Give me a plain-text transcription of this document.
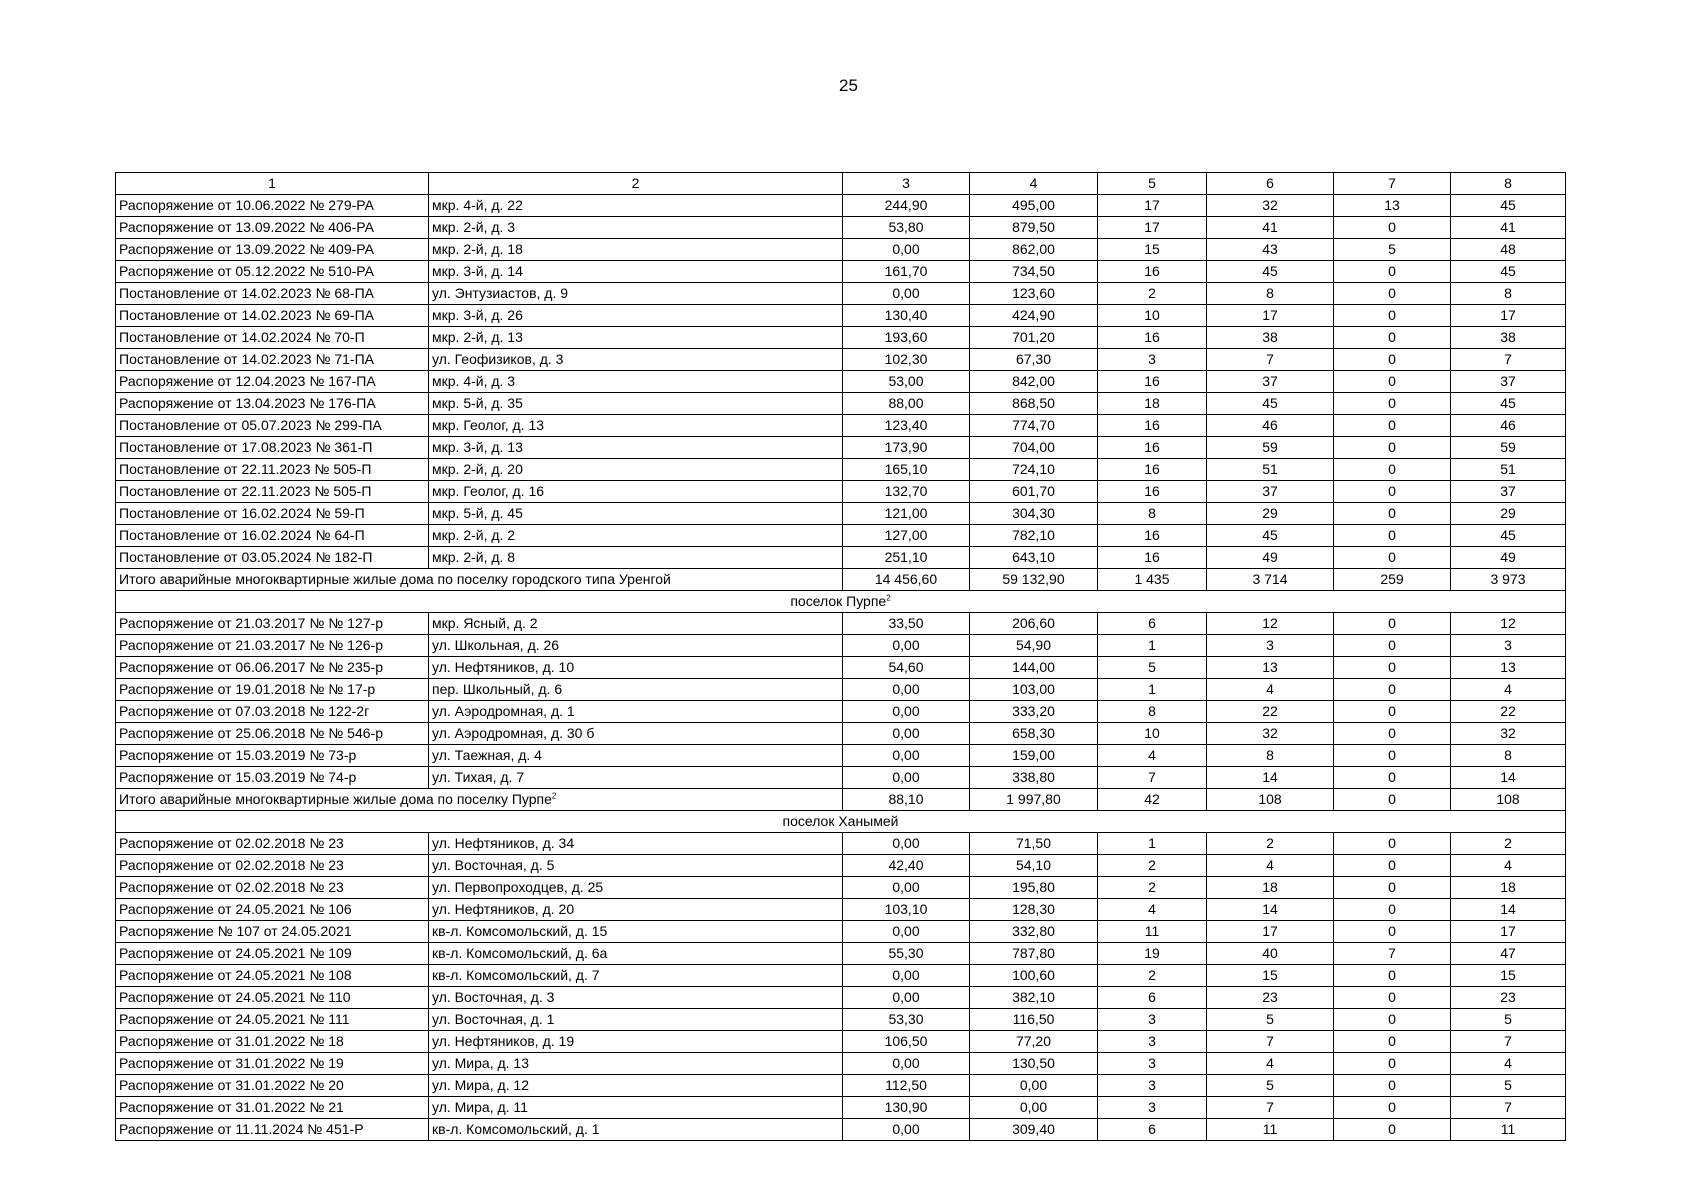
25
1	2	3	4	5	6	7	8
Распоряжение от 10.06.2022 № 279-РА	мкр. 4-й, д. 22	244,90	495,00	17	32	13	45
Распоряжение от 13.09.2022 № 406-РА	мкр. 2-й, д. 3	53,80	879,50	17	41	0	41
Распоряжение от 13.09.2022 № 409-РА	мкр. 2-й, д. 18	0,00	862,00	15	43	5	48
Распоряжение от 05.12.2022 № 510-РА	мкр. 3-й, д. 14	161,70	734,50	16	45	0	45
Постановление от 14.02.2023 № 68-ПА	ул. Энтузиастов, д. 9	0,00	123,60	2	8	0	8
Постановление от 14.02.2023 № 69-ПА	мкр. 3-й, д. 26	130,40	424,90	10	17	0	17
Постановление от 14.02.2024 № 70-П	мкр. 2-й, д. 13	193,60	701,20	16	38	0	38
Постановление от 14.02.2023 № 71-ПА	ул. Геофизиков, д. 3	102,30	67,30	3	7	0	7
Распоряжение от 12.04.2023 № 167-ПА	мкр. 4-й, д. 3	53,00	842,00	16	37	0	37
Распоряжение от 13.04.2023 № 176-ПА	мкр. 5-й, д. 35	88,00	868,50	18	45	0	45
Постановление от 05.07.2023 № 299-ПА	мкр. Геолог, д. 13	123,40	774,70	16	46	0	46
Постановление от 17.08.2023 № 361-П	мкр. 3-й, д. 13	173,90	704,00	16	59	0	59
Постановление от 22.11.2023 № 505-П	мкр. 2-й, д. 20	165,10	724,10	16	51	0	51
Постановление от 22.11.2023 № 505-П	мкр. Геолог, д. 16	132,70	601,70	16	37	0	37
Постановление от 16.02.2024 № 59-П	мкр. 5-й, д. 45	121,00	304,30	8	29	0	29
Постановление от 16.02.2024 № 64-П	мкр. 2-й, д. 2	127,00	782,10	16	45	0	45
Постановление от 03.05.2024 № 182-П	мкр. 2-й, д. 8	251,10	643,10	16	49	0	49
Итого аварийные многоквартирные жилые дома по поселку городского типа Уренгой		14 456,60	59 132,90	1 435	3 714	259	3 973
поселок Пурпе$^2$
Распоряжение от 21.03.2017 № № 127-р	мкр. Ясный, д. 2	33,50	206,60	6	12	0	12
Распоряжение от 21.03.2017 № № 126-р	ул. Школьная, д. 26	0,00	54,90	1	3	0	3
Распоряжение от 06.06.2017 № № 235-р	ул. Нефтяников, д. 10	54,60	144,00	5	13	0	13
Распоряжение от 19.01.2018 № № 17-р	пер. Школьный, д. 6	0,00	103,00	1	4	0	4
Распоряжение от 07.03.2018 № 122-2г	ул. Аэродромная, д. 1	0,00	333,20	8	22	0	22
Распоряжение от 25.06.2018 № № 546-р	ул. Аэродромная, д. 30 б	0,00	658,30	10	32	0	32
Распоряжение от 15.03.2019 № 73-р	ул. Таежная, д. 4	0,00	159,00	4	8	0	8
Распоряжение от 15.03.2019 № 74-р	ул. Тихая, д. 7	0,00	338,80	7	14	0	14
Итого аварийные многоквартирные жилые дома по поселку Пурпе$^2$		88,10	1 997,80	42	108	0	108
поселок Ханымей							
Распоряжение от 02.02.2018 № 23	ул. Нефтяников, д. 34	0,00	71,50	1	2	0	2
Распоряжение от 02.02.2018 № 23	ул. Восточная, д. 5	42,40	54,10	2	4	0	4
Распоряжение от 02.02.2018 № 23	ул. Первопроходцев, д. 25	0,00	195,80	2	18	0	18
Распоряжение от 24.05.2021 № 106	ул. Нефтяников, д. 20	103,10	128,30	4	14	0	14
Распоряжение № 107 от 24.05.2021	кв-л. Комсомольский, д. 15	0,00	332,80	11	17	0	17
Распоряжение от 24.05.2021 № 109	кв-л. Комсомольский, д. 6а	55,30	787,80	19	40	7	47
Распоряжение от 24.05.2021 № 108	кв-л. Комсомольский, д. 7	0,00	100,60	2	15	0	15
Распоряжение от 24.05.2021 № 110	ул. Восточная, д. 3	0,00	382,10	6	23	0	23
Распоряжение от 24.05.2021 № 111	ул. Восточная, д. 1	53,30	116,50	3	5	0	5
Распоряжение от 31.01.2022 № 18	ул. Нефтяников, д. 19	106,50	77,20	3	7	0	7
Распоряжение от 31.01.2022 № 19	ул. Мира, д. 13	0,00	130,50	3	4	0	4
Распоряжение от 31.01.2022 № 20	ул. Мира, д. 12	112,50	0,00	3	5	0	5
Распоряжение от 31.01.2022 № 21	ул. Мира, д. 11	130,90	0,00	3	7	0	7
Распоряжение от 11.11.2024 № 451-Р	кв-л. Комсомольский, д. 1	0,00	309,40	6	11	0	11
